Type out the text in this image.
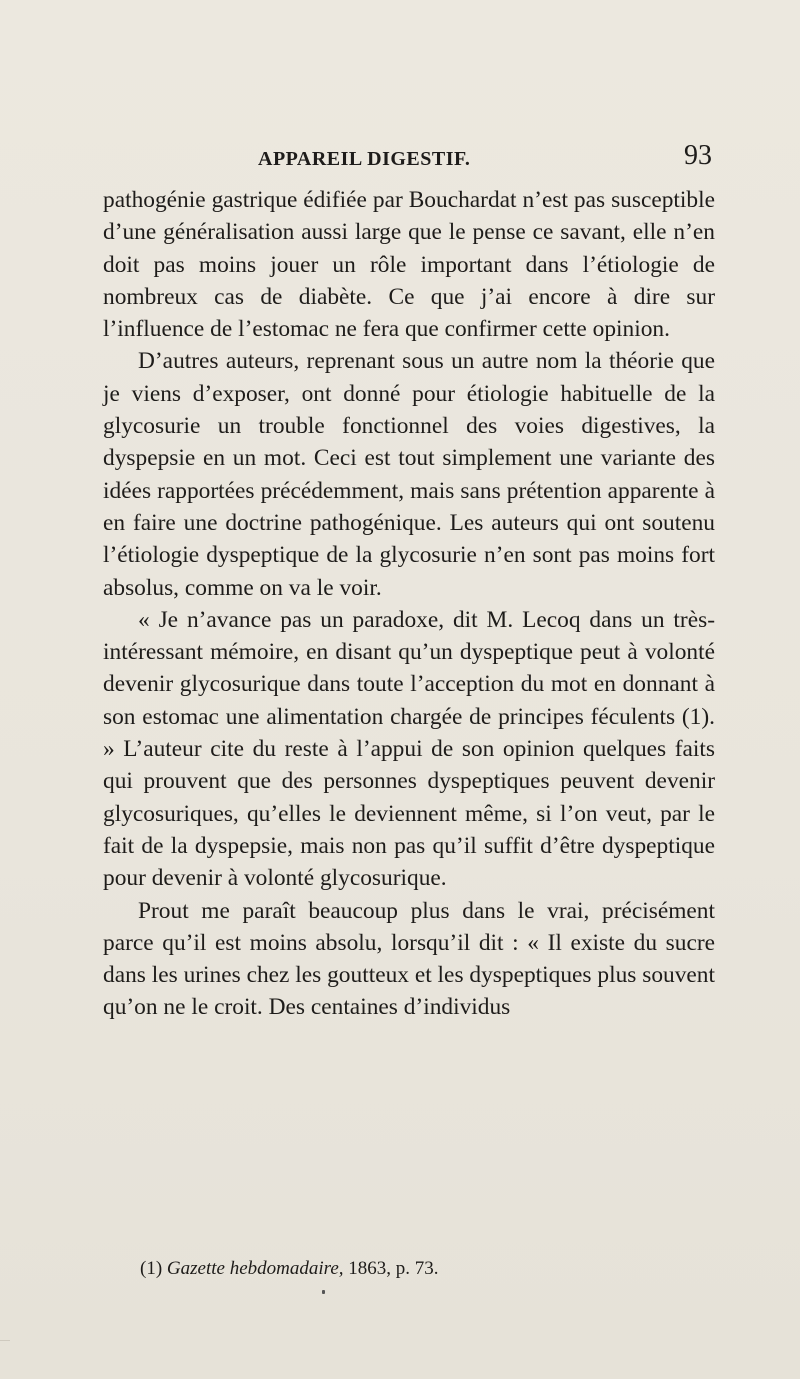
APPAREIL DIGESTIF.	93

pathogénie gastrique édifiée par Bouchardat n’est pas susceptible d’une généralisation aussi large que le pense ce savant, elle n’en doit pas moins jouer un rôle important dans l’étiologie de nombreux cas de diabète. Ce que j’ai encore à dire sur l’influence de l’estomac ne fera que confirmer cette opinion.

D’autres auteurs, reprenant sous un autre nom la théorie que je viens d’exposer, ont donné pour étiologie habituelle de la glycosurie un trouble fonctionnel des voies digestives, la dyspepsie en un mot. Ceci est tout simplement une variante des idées rapportées précédemment, mais sans prétention apparente à en faire une doctrine pathogénique. Les auteurs qui ont soutenu l’étiologie dyspeptique de la glycosurie n’en sont pas moins fort absolus, comme on va le voir.

« Je n’avance pas un paradoxe, dit M. Lecoq dans un très-intéressant mémoire, en disant qu’un dyspeptique peut à volonté devenir glycosurique dans toute l’acception du mot en donnant à son estomac une alimentation chargée de principes féculents (1). » L’auteur cite du reste à l’appui de son opinion quelques faits qui prouvent que des personnes dyspeptiques peuvent devenir glycosuriques, qu’elles le deviennent même, si l’on veut, par le fait de la dyspepsie, mais non pas qu’il suffit d’être dyspeptique pour devenir à volonté glycosurique.

Prout me paraît beaucoup plus dans le vrai, précisément parce qu’il est moins absolu, lorsqu’il dit : « Il existe du sucre dans les urines chez les goutteux et les dyspeptiques plus souvent qu’on ne le croit. Des centaines d’individus

(1) Gazette hebdomadaire, 1863, p. 73.
